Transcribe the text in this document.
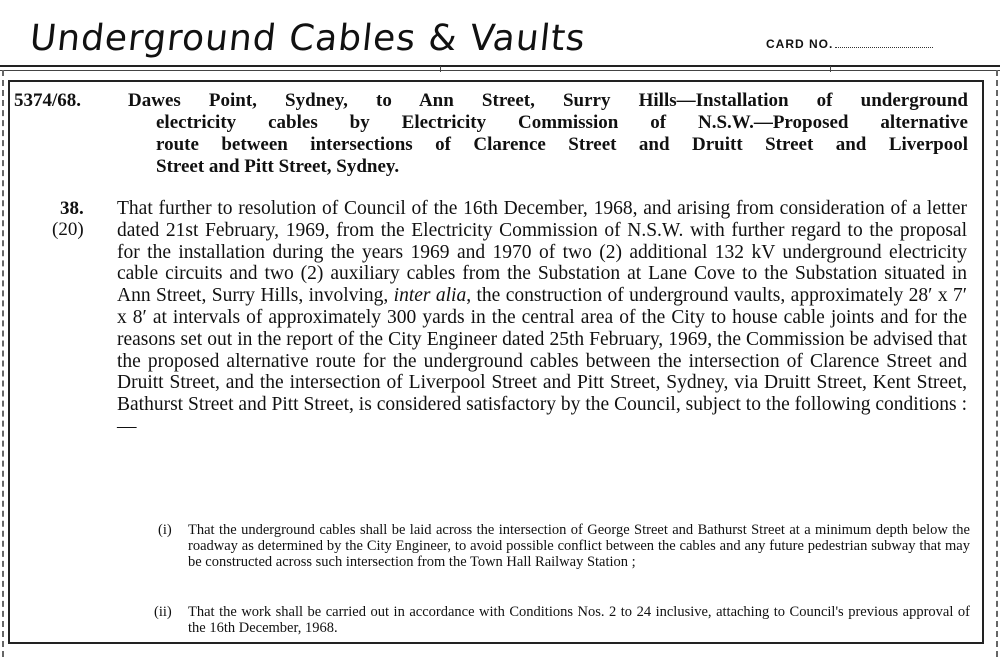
Underground Cables & Vaults	CARD NO.
5374/68. Dawes Point, Sydney, to Ann Street, Surry Hills—Installation of underground
electricity cables by Electricity Commission of N.S.W.—Proposed alternative
route between intersections of Clarence Street and Druitt Street and Liverpool
Street and Pitt Street, Sydney.
38.
(20)
That further to resolution of Council of the 16th December, 1968, and arising from consideration of a letter dated 21st February, 1969, from the Electricity Commission of N.S.W. with further regard to the proposal for the installation during the years 1969 and 1970 of two (2) additional 132 kV underground electricity cable circuits and two (2) auxiliary cables from the Substation at Lane Cove to the Substation situated in Ann Street, Surry Hills, involving, inter alia, the construction of underground vaults, approximately 28′ x 7′ x 8′ at intervals of approximately 300 yards in the central area of the City to house cable joints and for the reasons set out in the report of the City Engineer dated 25th February, 1969, the Commission be advised that the proposed alternative route for the underground cables between the intersection of Clarence Street and Druitt Street, and the intersection of Liverpool Street and Pitt Street, Sydney, via Druitt Street, Kent Street, Bathurst Street and Pitt Street, is considered satisfactory by the Council, subject to the following conditions :—
(i) That the underground cables shall be laid across the intersection of George Street and Bathurst Street at a minimum depth below the roadway as determined by the City Engineer, to avoid possible conflict between the cables and any future pedestrian subway that may be constructed across such intersection from the Town Hall Railway Station ;
(ii) That the work shall be carried out in accordance with Conditions Nos. 2 to 24 inclusive, attaching to Council's previous approval of the 16th December, 1968.
